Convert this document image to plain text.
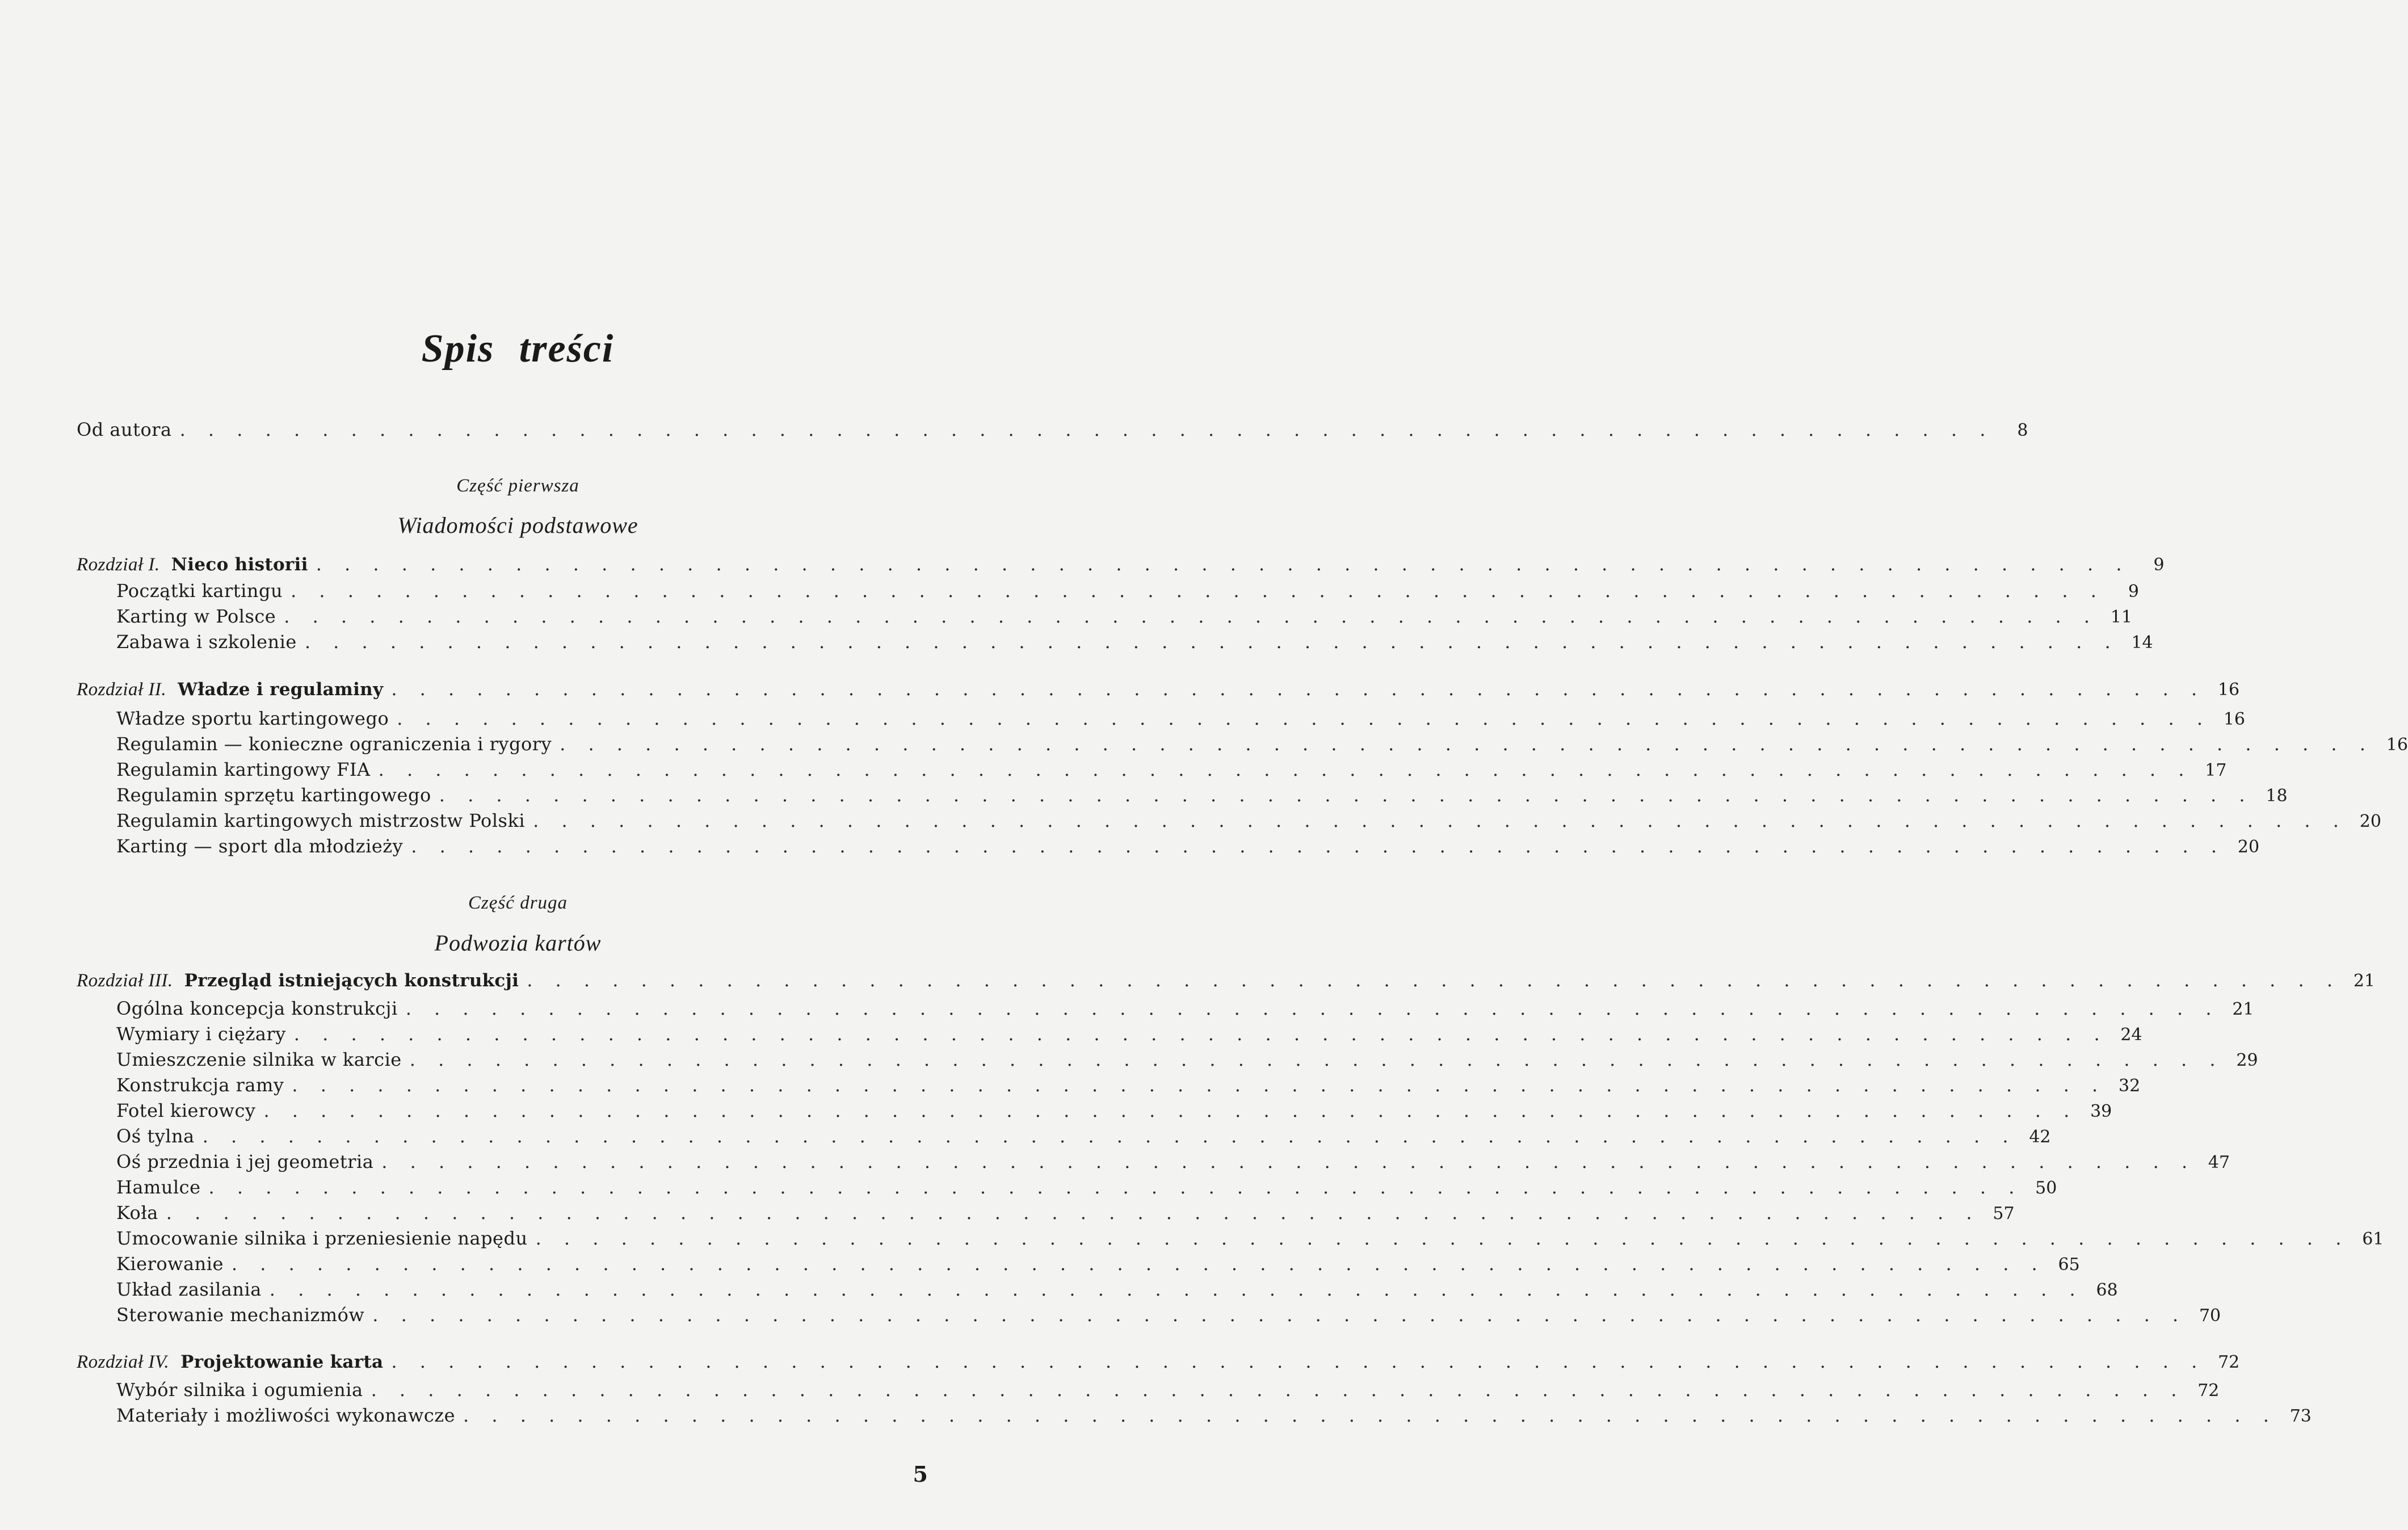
Spis treści
Od autora . . . . . . . . . . . . . . . . . . . . . . . . . . . . . . . . . . . . . . . . . . . . . . . . . . . . . . . . . . . . . . . .	8
Część pierwsza
Wiadomości podstawowe
Rozdział I. Nieco historii . . . . . . . . . . . . . . . . . . . . . . . . . . . . . . . . . . . . . . . . . . . . . . . . . . . . . . . . . . . . . . . .	9
Początki kartingu . . . . . . . . . . . . . . . . . . . . . . . . . . . . . . . . . . . . . . . . . . . . . . . . . . . . . . . . . . . . . . . .	9
Karting w Polsce . . . . . . . . . . . . . . . . . . . . . . . . . . . . . . . . . . . . . . . . . . . . . . . . . . . . . . . . . . . . . . . . 11
Zabawa i szkolenie . . . . . . . . . . . . . . . . . . . . . . . . . . . . . . . . . . . . . . . . . . . . . . . . . . . . . . . . . . . . . . . . 14
Rozdział II. Władze i regulaminy . . . . . . . . . . . . . . . . . . . . . . . . . . . . . . . . . . . . . . . . . . . . . . . . . . . . . . . . . . . . . . . . 16
Władze sportu kartingowego . . . . . . . . . . . . . . . . . . . . . . . . . . . . . . . . . . . . . . . . . . . . . . . . . . . . . . . . . . . . . . . . 16
Regulamin — konieczne ograniczenia i rygory . . . . . . . . . . . . . . . . . . . . . . . . . . . . . . . . . . . . . . . . . . . . . . . . . . . . . . . . . . . . . . . . 16
Regulamin kartingowy FIA . . . . . . . . . . . . . . . . . . . . . . . . . . . . . . . . . . . . . . . . . . . . . . . . . . . . . . . . . . . . . . . . 17
Regulamin sprzętu kartingowego . . . . . . . . . . . . . . . . . . . . . . . . . . . . . . . . . . . . . . . . . . . . . . . . . . . . . . . . . . . . . . . . 18
Regulamin kartingowych mistrzostw Polski . . . . . . . . . . . . . . . . . . . . . . . . . . . . . . . . . . . . . . . . . . . . . . . . . . . . . . . . . . . . . . . . 20
Karting — sport dla młodzieży . . . . . . . . . . . . . . . . . . . . . . . . . . . . . . . . . . . . . . . . . . . . . . . . . . . . . . . . . . . . . . . . 20
Część druga
Podwozia kartów
Rozdział III. Przegląd istniejących konstrukcji . . . . . . . . . . . . . . . . . . . . . . . . . . . . . . . . . . . . . . . . . . . . . . . . . . . . . . . . . . . . . . . . 21
Ogólna koncepcja konstrukcji . . . . . . . . . . . . . . . . . . . . . . . . . . . . . . . . . . . . . . . . . . . . . . . . . . . . . . . . . . . . . . . . 21
Wymiary i ciężary . . . . . . . . . . . . . . . . . . . . . . . . . . . . . . . . . . . . . . . . . . . . . . . . . . . . . . . . . . . . . . . . 24
Umieszczenie silnika w karcie . . . . . . . . . . . . . . . . . . . . . . . . . . . . . . . . . . . . . . . . . . . . . . . . . . . . . . . . . . . . . . . . 29
Konstrukcja ramy . . . . . . . . . . . . . . . . . . . . . . . . . . . . . . . . . . . . . . . . . . . . . . . . . . . . . . . . . . . . . . . . 32
Fotel kierowcy . . . . . . . . . . . . . . . . . . . . . . . . . . . . . . . . . . . . . . . . . . . . . . . . . . . . . . . . . . . . . . . . 39
Oś tylna . . . . . . . . . . . . . . . . . . . . . . . . . . . . . . . . . . . . . . . . . . . . . . . . . . . . . . . . . . . . . . . . 42
Oś przednia i jej geometria . . . . . . . . . . . . . . . . . . . . . . . . . . . . . . . . . . . . . . . . . . . . . . . . . . . . . . . . . . . . . . . . 47
Hamulce . . . . . . . . . . . . . . . . . . . . . . . . . . . . . . . . . . . . . . . . . . . . . . . . . . . . . . . . . . . . . . . . 50
Koła . . . . . . . . . . . . . . . . . . . . . . . . . . . . . . . . . . . . . . . . . . . . . . . . . . . . . . . . . . . . . . . . 57
Umocowanie silnika i przeniesienie napędu . . . . . . . . . . . . . . . . . . . . . . . . . . . . . . . . . . . . . . . . . . . . . . . . . . . . . . . . . . . . . . . . 61
Kierowanie . . . . . . . . . . . . . . . . . . . . . . . . . . . . . . . . . . . . . . . . . . . . . . . . . . . . . . . . . . . . . . . . 65
Układ zasilania . . . . . . . . . . . . . . . . . . . . . . . . . . . . . . . . . . . . . . . . . . . . . . . . . . . . . . . . . . . . . . . . 68
Sterowanie mechanizmów . . . . . . . . . . . . . . . . . . . . . . . . . . . . . . . . . . . . . . . . . . . . . . . . . . . . . . . . . . . . . . . . 70
Rozdział IV. Projektowanie karta . . . . . . . . . . . . . . . . . . . . . . . . . . . . . . . . . . . . . . . . . . . . . . . . . . . . . . . . . . . . . . . . 72
Wybór silnika i ogumienia . . . . . . . . . . . . . . . . . . . . . . . . . . . . . . . . . . . . . . . . . . . . . . . . . . . . . . . . . . . . . . . . 72
Materiały i możliwości wykonawcze . . . . . . . . . . . . . . . . . . . . . . . . . . . . . . . . . . . . . . . . . . . . . . . . . . . . . . . . . . . . . . . . 73
5
